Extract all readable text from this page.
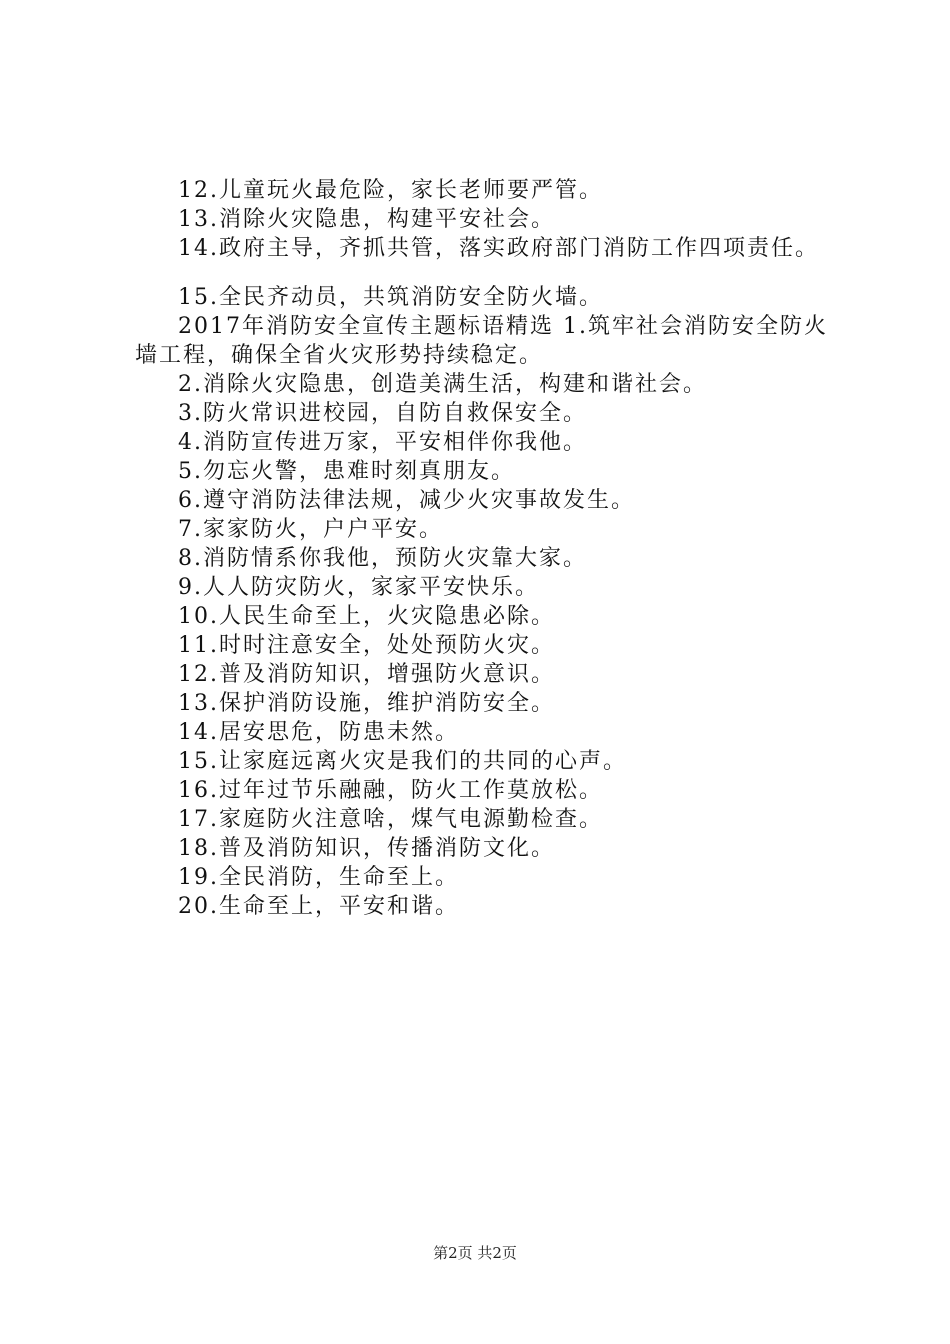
12.儿童玩火最危险，家长老师要严管。
13.消除火灾隐患，构建平安社会。
14.政府主导，齐抓共管，落实政府部门消防工作四项责任。
15.全民齐动员，共筑消防安全防火墙。
2017年消防安全宣传主题标语精选 1.筑牢社会消防安全防火墙工程，确保全省火灾形势持续稳定。
2.消除火灾隐患，创造美满生活，构建和谐社会。
3.防火常识进校园，自防自救保安全。
4.消防宣传进万家，平安相伴你我他。
5.勿忘火警，患难时刻真朋友。
6.遵守消防法律法规，减少火灾事故发生。
7.家家防火，户户平安。
8.消防情系你我他，预防火灾靠大家。
9.人人防灾防火，家家平安快乐。
10.人民生命至上，火灾隐患必除。
11.时时注意安全，处处预防火灾。
12.普及消防知识，增强防火意识。
13.保护消防设施，维护消防安全。
14.居安思危，防患未然。
15.让家庭远离火灾是我们的共同的心声。
16.过年过节乐融融，防火工作莫放松。
17.家庭防火注意啥，煤气电源勤检查。
18.普及消防知识，传播消防文化。
19.全民消防，生命至上。
20.生命至上，平安和谐。
第2页 共2页
